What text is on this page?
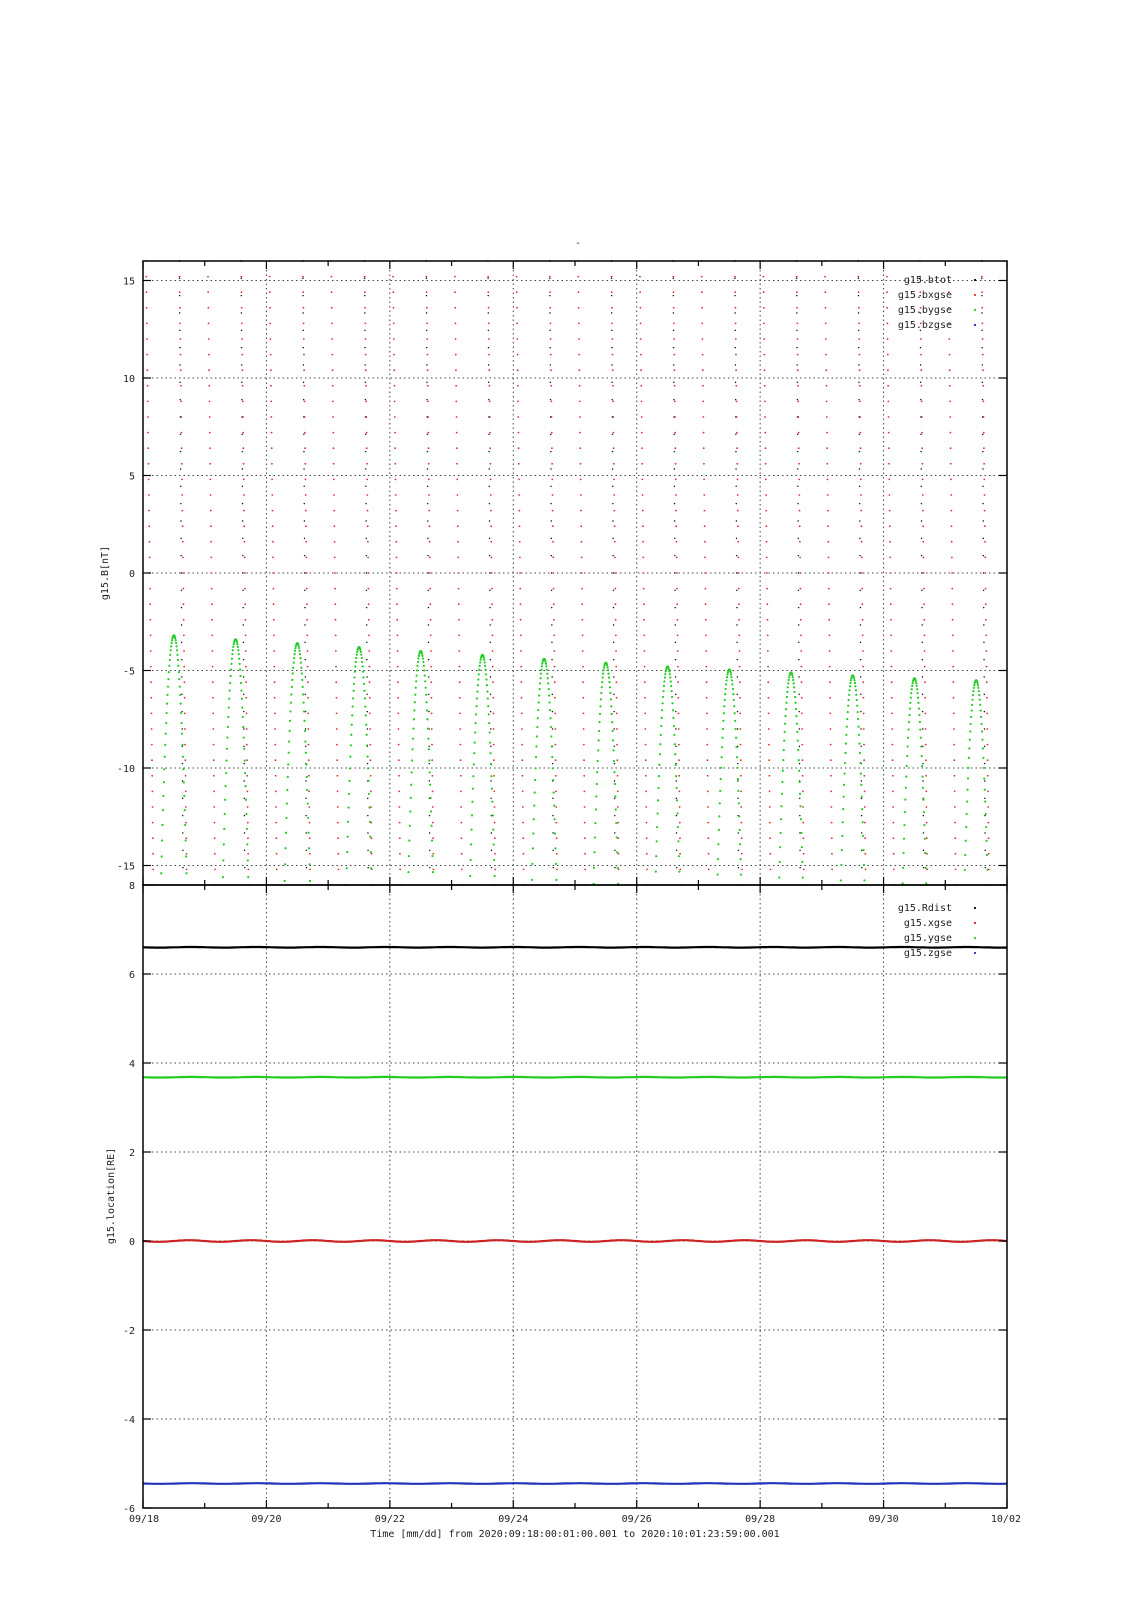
-
15
10
5
0
-5
-10
-15
g15.B[nT]
g15.btot
g15.bxgse
g15.bygse
g15.bzgse
8
6
4
2
0
-2
-4
-6
09/18	09/20	09/22	09/24	09/26	09/28	09/30	10/02
g15.location[RE]
g15.Rdist
g15.xgse
g15.ygse
g15.zgse
Time [mm/dd] from 2020:09:18:00:01:00.001 to 2020:10:01:23:59:00.001
